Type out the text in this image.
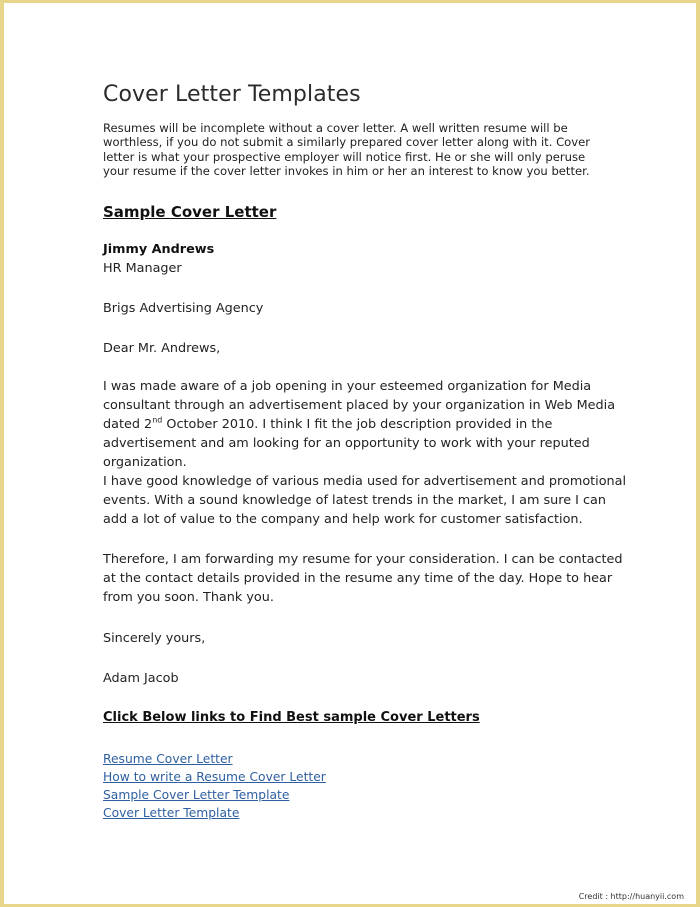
Cover Letter Templates
Resumes will be incomplete without a cover letter. A well written resume will be
worthless, if you do not submit a similarly prepared cover letter along with it. Cover
letter is what your prospective employer will notice first. He or she will only peruse
your resume if the cover letter invokes in him or her an interest to know you better.
Sample Cover Letter
Jimmy Andrews
HR Manager
Brigs Advertising Agency
Dear Mr. Andrews,
I was made aware of a job opening in your esteemed organization for Media
consultant through an advertisement placed by your organization in Web Media
dated 2nd October 2010. I think I fit the job description provided in the
advertisement and am looking for an opportunity to work with your reputed
organization.
I have good knowledge of various media used for advertisement and promotional
events. With a sound knowledge of latest trends in the market, I am sure I can
add a lot of value to the company and help work for customer satisfaction.
Therefore, I am forwarding my resume for your consideration. I can be contacted
at the contact details provided in the resume any time of the day. Hope to hear
from you soon. Thank you.
Sincerely yours,
Adam Jacob
Click Below links to Find Best sample Cover Letters
Resume Cover Letter
How to write a Resume Cover Letter
Sample Cover Letter Template
Cover Letter Template
Credit : http://huanyii.com
